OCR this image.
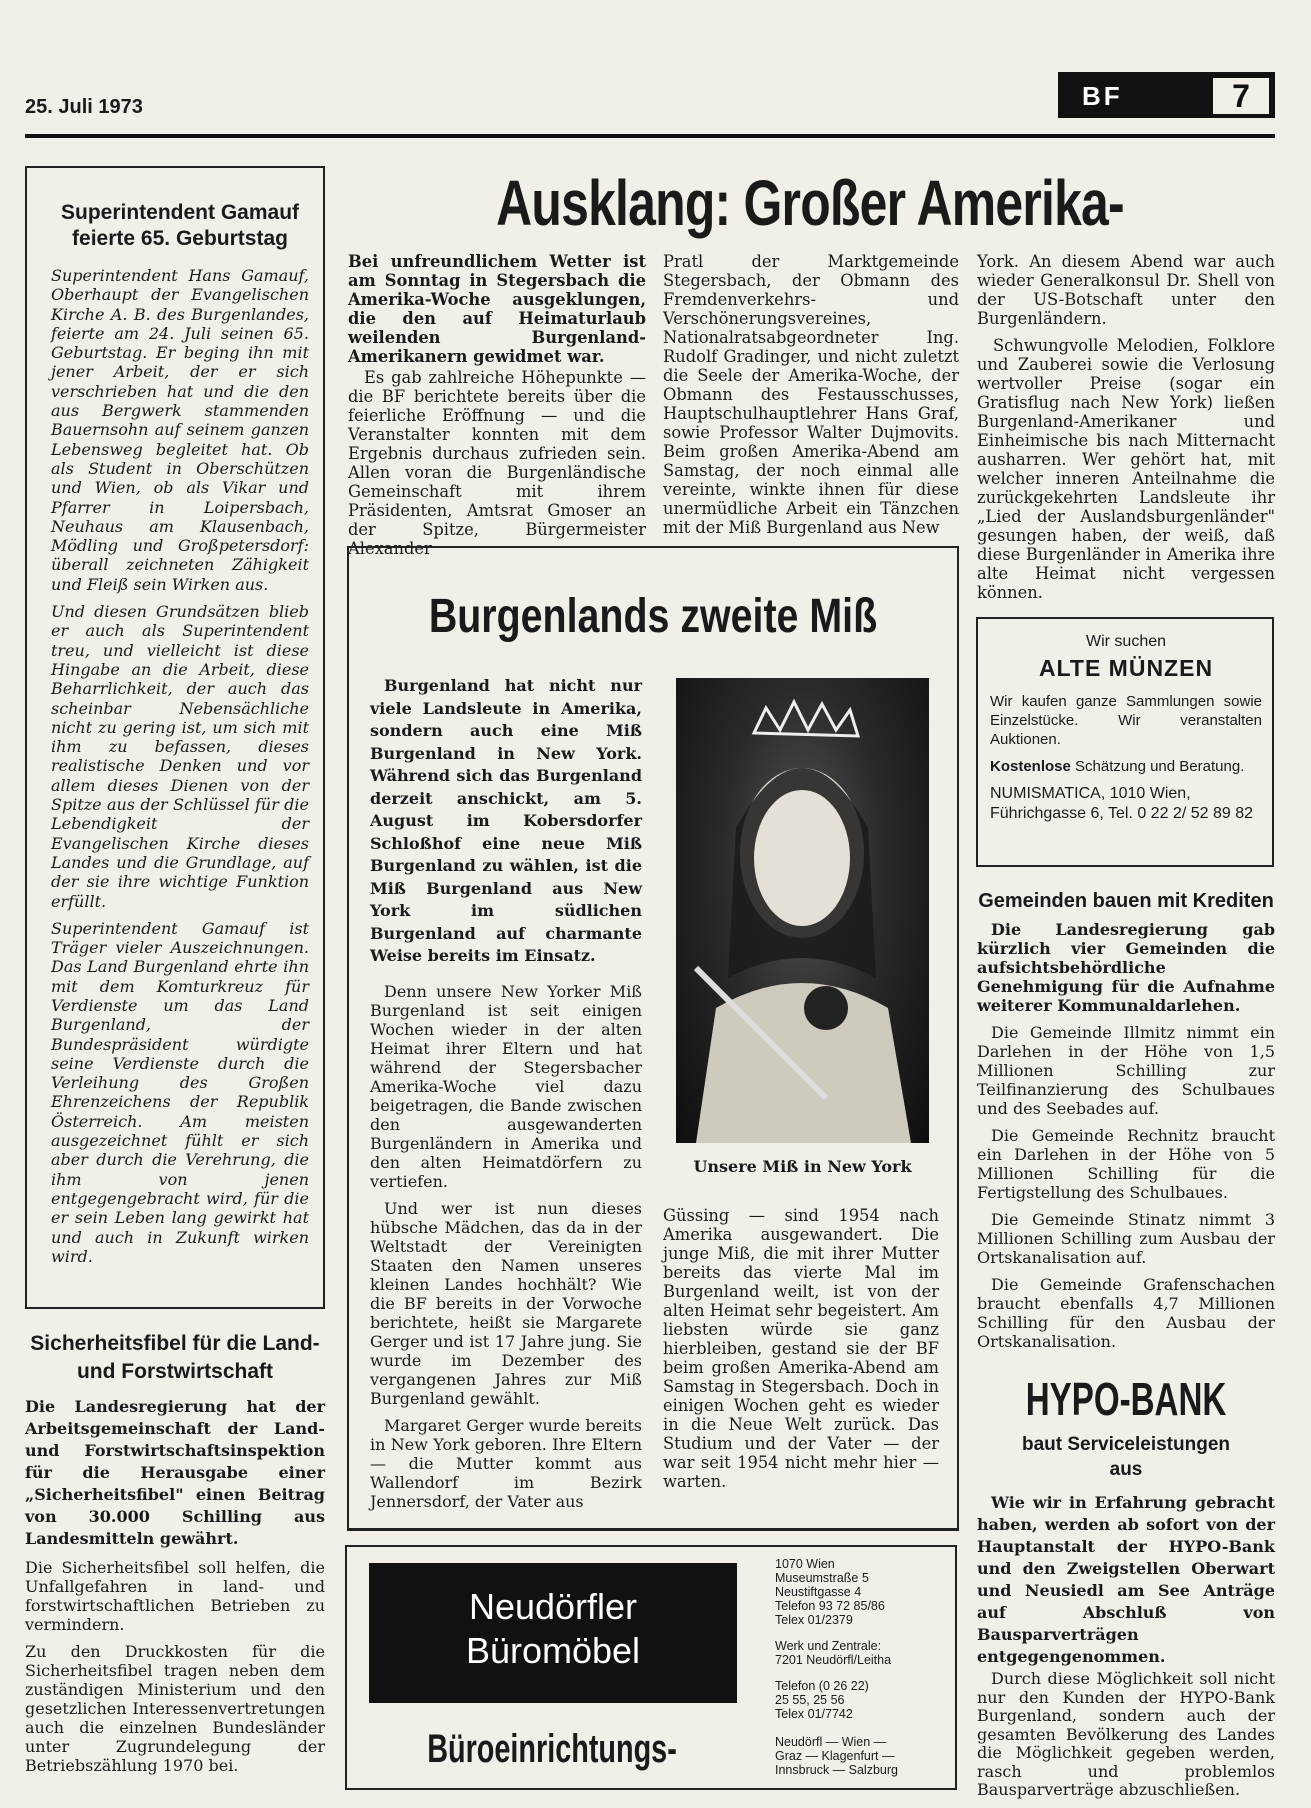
25. Juli 1973	BF	7
Superintendent Gamauf feierte 65. Geburtstag

Superintendent Hans Gamauf, Oberhaupt der Evangelischen Kirche A. B. des Burgenlandes, feierte am 24. Juli seinen 65. Geburtstag. Er beging ihn mit jener Arbeit, der er sich verschrieben hat und die den aus Bergwerk stammenden Bauernsohn auf seinem ganzen Lebensweg begleitet hat. Ob als Student in Oberschützen und Wien, ob als Vikar und Pfarrer in Loipersbach, Neuhaus am Klausenbach, Mödling und Großpetersdorf: überall zeichneten Zähigkeit und Fleiß sein Wirken aus.

Und diesen Grundsätzen blieb er auch als Superintendent treu, und vielleicht ist diese Hingabe an die Arbeit, diese Beharrlichkeit, der auch das scheinbar Nebensächliche nicht zu gering ist, um sich mit ihm zu befassen, dieses realistische Denken und vor allem dieses Dienen von der Spitze aus der Schlüssel für die Lebendigkeit der Evangelischen Kirche dieses Landes und die Grundlage, auf der sie ihre wichtige Funktion erfüllt.

Superintendent Gamauf ist Träger vieler Auszeichnungen. Das Land Burgenland ehrte ihn mit dem Komturkreuz für Verdienste um das Land Burgenland, der Bundespräsident würdigte seine Verdienste durch die Verleihung des Großen Ehrenzeichens der Republik Österreich. Am meisten ausgezeichnet fühlt er sich aber durch die Verehrung, die ihm von jenen entgegengebracht wird, für die er sein Leben lang gewirkt hat und auch in Zukunft wirken wird.

Sicherheitsfibel für die Land- und Forstwirtschaft

Die Landesregierung hat der Arbeitsgemeinschaft der Land- und Forstwirtschaftsinspektion für die Herausgabe einer „Sicherheitsfibel" einen Beitrag von 30.000 Schilling aus Landesmitteln gewährt.

Die Sicherheitsfibel soll helfen, die Unfallgefahren in land- und forstwirtschaftlichen Betrieben zu vermindern.

Zu den Druckkosten für die Sicherheitsfibel tragen neben dem zuständigen Ministerium und den gesetzlichen Interessenvertretungen auch die einzelnen Bundesländer unter Zugrundelegung der Betriebszählung 1970 bei.

Ausklang: Großer Amerika-

Bei unfreundlichem Wetter ist am Sonntag in Stegersbach die Amerika-Woche ausgeklungen, die den auf Heimaturlaub weilenden Burgenland-Amerikanern gewidmet war.

Es gab zahlreiche Höhepunkte — die BF berichtete bereits über die feierliche Eröffnung — und die Veranstalter konnten mit dem Ergebnis durchaus zufrieden sein. Allen voran die Burgenländische Gemeinschaft mit ihrem Präsidenten, Amtsrat Gmoser an der Spitze, Bürgermeister Alexander

Pratl der Marktgemeinde Stegersbach, der Obmann des Fremdenverkehrs- und Verschönerungsvereines, Nationalratsabgeordneter Ing. Rudolf Gradinger, und nicht zuletzt die Seele der Amerika-Woche, der Obmann des Festausschusses, Hauptschulhauptlehrer Hans Graf, sowie Professor Walter Dujmovits. Beim großen Amerika-Abend am Samstag, der noch einmal alle vereinte, winkte ihnen für diese unermüdliche Arbeit ein Tänzchen mit der Miß Burgenland aus New

York. An diesem Abend war auch wieder Generalkonsul Dr. Shell von der US-Botschaft unter den Burgenländern.

Schwungvolle Melodien, Folklore und Zauberei sowie die Verlosung wertvoller Preise (sogar ein Gratisflug nach New York) ließen Burgenland-Amerikaner und Einheimische bis nach Mitternacht ausharren. Wer gehört hat, mit welcher inneren Anteilnahme die zurückgekehrten Landsleute ihr „Lied der Auslandsburgenländer" gesungen haben, der weiß, daß diese Burgenländer in Amerika ihre alte Heimat nicht vergessen können.

Burgenlands zweite Miß

Burgenland hat nicht nur viele Landsleute in Amerika, sondern auch eine Miß Burgenland in New York. Während sich das Burgenland derzeit anschickt, am 5. August im Kobersdorfer Schloßhof eine neue Miß Burgenland zu wählen, ist die Miß Burgenland aus New York im südlichen Burgenland auf charmante Weise bereits im Einsatz.

Denn unsere New Yorker Miß Burgenland ist seit einigen Wochen wieder in der alten Heimat ihrer Eltern und hat während der Stegersbacher Amerika-Woche viel dazu beigetragen, die Bande zwischen den ausgewanderten Burgenländern in Amerika und den alten Heimatdörfern zu vertiefen.

Und wer ist nun dieses hübsche Mädchen, das da in der Weltstadt der Vereinigten Staaten den Namen unseres kleinen Landes hochhält? Wie die BF bereits in der Vorwoche berichtete, heißt sie Margarete Gerger und ist 17 Jahre jung. Sie wurde im Dezember des vergangenen Jahres zur Miß Burgenland gewählt.

Margaret Gerger wurde bereits in New York geboren. Ihre Eltern — die Mutter kommt aus Wallendorf im Bezirk Jennersdorf, der Vater aus

Unsere Miß in New York

Güssing — sind 1954 nach Amerika ausgewandert. Die junge Miß, die mit ihrer Mutter bereits das vierte Mal im Burgenland weilt, ist von der alten Heimat sehr begeistert. Am liebsten würde sie ganz hierbleiben, gestand sie der BF beim großen Amerika-Abend am Samstag in Stegersbach. Doch in einigen Wochen geht es wieder in die Neue Welt zurück. Das Studium und der Vater — der war seit 1954 nicht mehr hier — warten.

Wir suchen
ALTE MÜNZEN
Wir kaufen ganze Sammlungen sowie Einzelstücke. Wir veranstalten Auktionen.
Kostenlose Schätzung und Beratung.
NUMISMATICA, 1010 Wien, Führichgasse 6, Tel. 0 22 2/ 52 89 82
Gemeinden bauen mit Krediten

Die Landesregierung gab kürzlich vier Gemeinden die aufsichtsbehördliche Genehmigung für die Aufnahme weiterer Kommunaldarlehen.

Die Gemeinde Illmitz nimmt ein Darlehen in der Höhe von 1,5 Millionen Schilling zur Teilfinanzierung des Schulbaues und des Seebades auf.

Die Gemeinde Rechnitz braucht ein Darlehen in der Höhe von 5 Millionen Schilling für die Fertigstellung des Schulbaues.

Die Gemeinde Stinatz nimmt 3 Millionen Schilling zum Ausbau der Ortskanalisation auf.

Die Gemeinde Grafenschachen braucht ebenfalls 4,7 Millionen Schilling für den Ausbau der Ortskanalisation.

HYPO-BANK
baut Serviceleistungen aus

Wie wir in Erfahrung gebracht haben, werden ab sofort von der Hauptanstalt der HYPO-Bank und den Zweigstellen Oberwart und Neusiedl am See Anträge auf Abschluß von Bausparverträgen entgegengenommen.

Durch diese Möglichkeit soll nicht nur den Kunden der HYPO-Bank Burgenland, sondern auch der gesamten Bevölkerung des Landes die Möglichkeit gegeben werden, rasch und problemlos Bausparverträge abzuschließen.

Neudörfler
Büromöbel
Büroeinrichtungs-
1070 Wien
Museumstraße 5
Neustiftgasse 4
Telefon 93 72 85/86
Telex 01/2379
Werk und Zentrale:
7201 Neudörfl/Leitha
Telefon (0 26 22)
25 55, 25 56
Telex 01/7742
Neudörfl — Wien —
Graz — Klagenfurt —
Innsbruck — Salzburg
